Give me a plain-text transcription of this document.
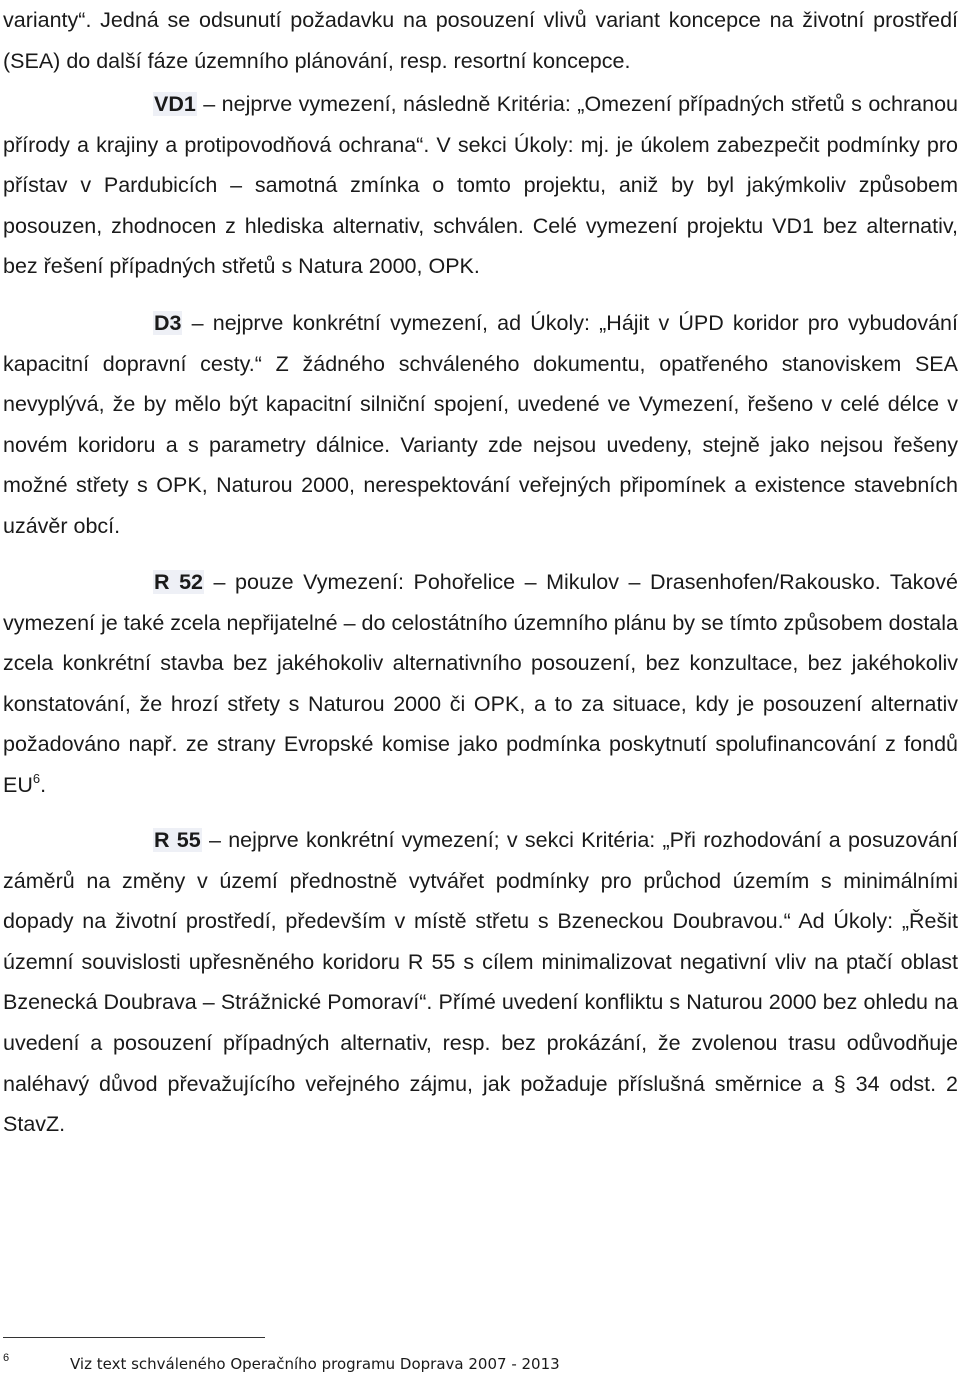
varianty“. Jedná se odsunutí požadavku na posouzení vlivů variant koncepce na životní prostředí (SEA) do další fáze územního plánování, resp. resortní koncepce.

VD1 – nejprve vymezení, následně Kritéria: „Omezení případných střetů s ochranou přírody a krajiny a protipovodňová ochrana“. V sekci Úkoly: mj. je úkolem zabezpečit podmínky pro přístav v Pardubicích – samotná zmínka o tomto projektu, aniž by byl jakýmkoliv způsobem posouzen, zhodnocen z hlediska alternativ, schválen. Celé vymezení projektu VD1 bez alternativ, bez řešení případných střetů s Natura 2000, OPK.

D3 – nejprve konkrétní vymezení, ad Úkoly: „Hájit v ÚPD koridor pro vybudování kapacitní dopravní cesty.“ Z žádného schváleného dokumentu, opatřeného stanoviskem SEA nevyplývá, že by mělo být kapacitní silniční spojení, uvedené ve Vymezení, řešeno v celé délce v novém koridoru a s parametry dálnice. Varianty zde nejsou uvedeny, stejně jako nejsou řešeny možné střety s OPK, Naturou 2000, nerespektování veřejných připomínek a existence stavebních uzávěr obcí.

R 52 – pouze Vymezení: Pohořelice – Mikulov – Drasenhofen/Rakousko. Takové vymezení je také zcela nepřijatelné – do celostátního územního plánu by se tímto způsobem dostala zcela konkrétní stavba bez jakéhokoliv alternativního posouzení, bez konzultace, bez jakéhokoliv konstatování, že hrozí střety s Naturou 2000 či OPK, a to za situace, kdy je posouzení alternativ požadováno např. ze strany Evropské komise jako podmínka poskytnutí spolufinancování z fondů $EU^6$.

R 55 – nejprve konkrétní vymezení; v sekci Kritéria: „Při rozhodování a posuzování záměrů na změny v území přednostně vytvářet podmínky pro průchod územím s minimálními dopady na životní prostředí, především v místě střetu s Bzeneckou Doubravou.“ Ad Úkoly: „Řešit územní souvislosti upřesněného koridoru R 55 s cílem minimalizovat negativní vliv na ptačí oblast Bzenecká Doubrava – Strážnické Pomoraví“. Přímé uvedení konfliktu s Naturou 2000 bez ohledu na uvedení a posouzení případných alternativ, resp. bez prokázání, že zvolenou trasu odůvodňuje naléhavý důvod převažujícího veřejného zájmu, jak požaduje příslušná směrnice a § 34 odst. 2 StavZ.

6	Viz text schváleného Operačního programu Doprava 2007 - 2013
